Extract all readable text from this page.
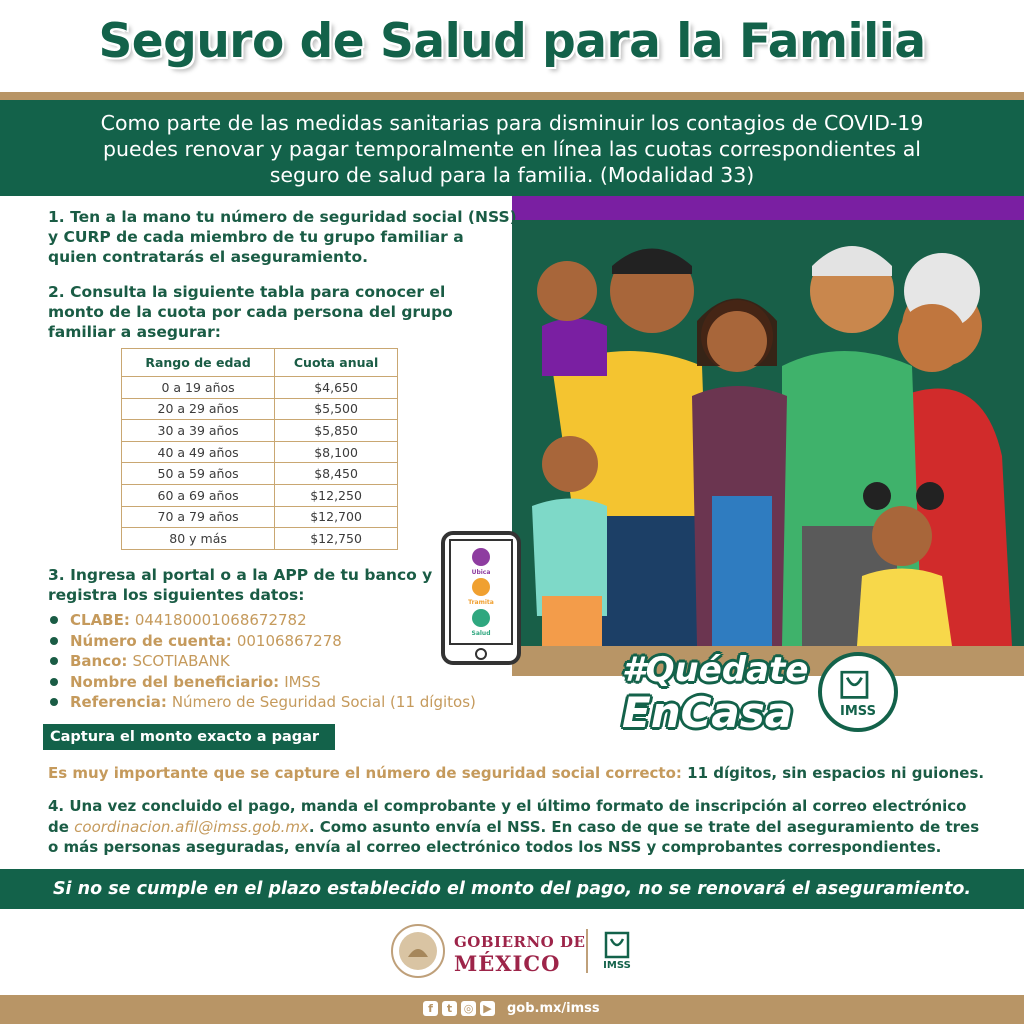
Seguro de Salud para la Familia
Como parte de las medidas sanitarias para disminuir los contagios de COVID-19 puedes renovar y pagar temporalmente en línea las cuotas correspondientes al seguro de salud para la familia. (Modalidad 33)
Ubica
Tramita
Salud
#Quédate
EnCasa	IMSS
1. Ten a la mano tu número de seguridad social (NSS) y CURP de cada miembro de tu grupo familiar a quien contratarás el aseguramiento.
2. Consulta la siguiente tabla para conocer el monto de la cuota por cada persona del grupo familiar a asegurar:
Rango de edad	Cuota anual
0 a 19 años	$4,650
20 a 29 años	$5,500
30 a 39 años	$5,850
40 a 49 años	$8,100
50 a 59 años	$8,450
60 a 69 años	$12,250
70 a 79 años	$12,700
80 y más	$12,750
3. Ingresa al portal o a la APP de tu banco y registra los siguientes datos:
CLABE: 044180001068672782
Número de cuenta: 00106867278
Banco: SCOTIABANK
Nombre del beneficiario: IMSS
Referencia: Número de Seguridad Social (11 dígitos)
Captura el monto exacto a pagar
Es muy importante que se capture el número de seguridad social correcto: 11 dígitos, sin espacios ni guiones.
4. Una vez concluido el pago, manda el comprobante y el último formato de inscripción al correo electrónico de coordinacion.afil@imss.gob.mx. Como asunto envía el NSS. En caso de que se trate del aseguramiento de tres o más personas aseguradas, envía al correo electrónico todos los NSS y comprobantes correspondientes.
Si no se cumple en el plazo establecido el monto del pago, no se renovará el aseguramiento.
GOBIERNO DE
MÉXICO	IMSS
f	t	◎ ▶ gob.mx/imss
